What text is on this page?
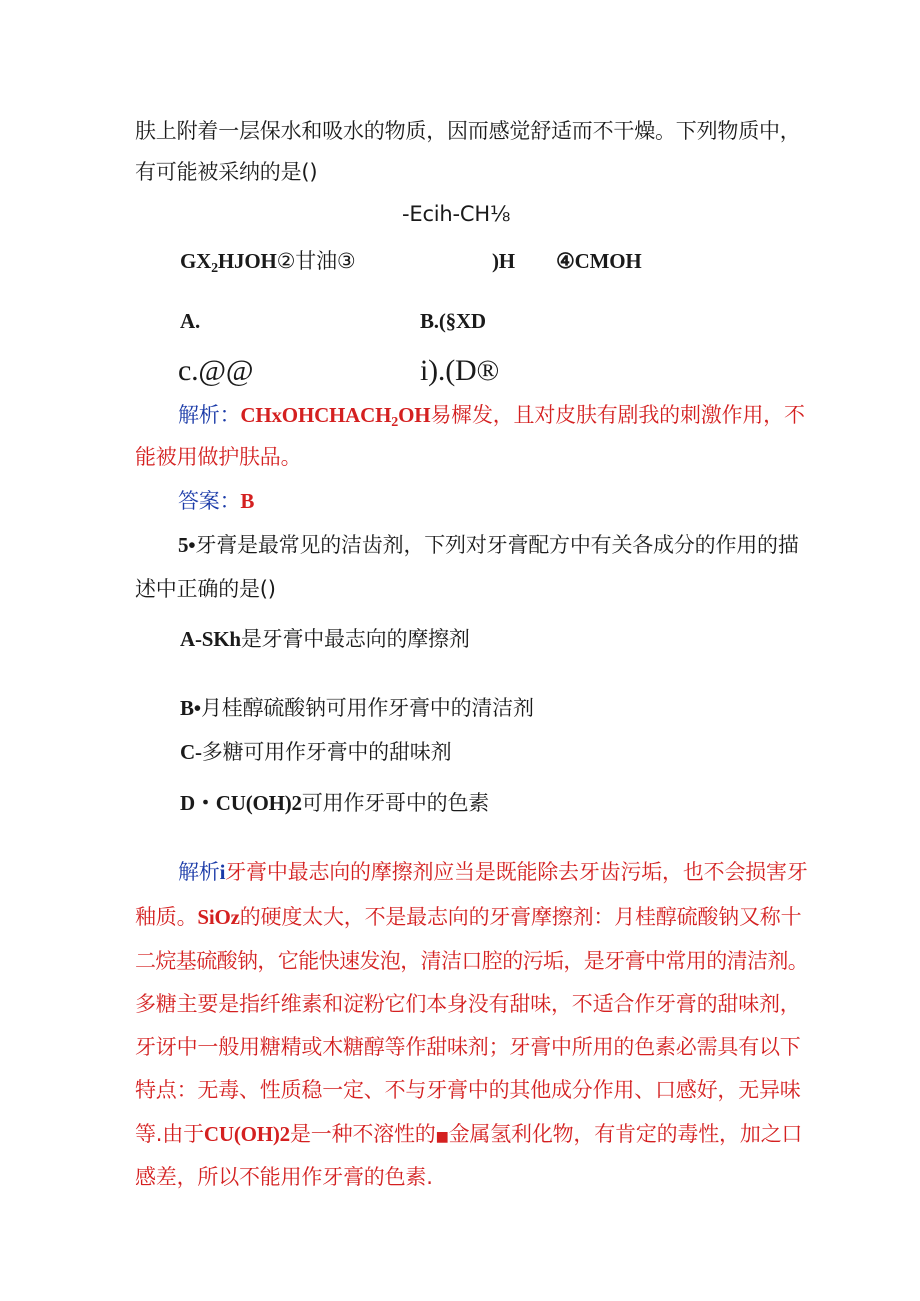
肤上附着一层保水和吸水的物质，因而感觉舒适而不干燥。下列物质中，
有可能被采纳的是()
-Ecih-CH⅛
$GX_2HJOH②$甘油③	)H ④CMOH
A.	B.(§XD
c.@@	i).(D®
解析：CHxOHCHACH$_2$OH易樨发，且对皮肤有剧我的刺激作用，不
能被用做护肤品。
答案：B
5•牙膏是最常见的洁齿剂，下列对牙膏配方中有关各成分的作用的描
述中正确的是()
A-SKh是牙膏中最志向的摩擦剂
B•月桂醇硫酸钠可用作牙膏中的清洁剂
C-多糖可用作牙膏中的甜味剂
D・CU(OH)2可用作牙哥中的色素
解析i牙膏中最志向的摩擦剂应当是既能除去牙齿污垢，也不会损害牙
釉质。SiOz的硬度太大，不是最志向的牙膏摩擦剂：月桂醇硫酸钠又称十
二烷基硫酸钠，它能快速发泡，清洁口腔的污垢，是牙膏中常用的清洁剂。
多糖主要是指纤维素和淀粉它们本身没有甜味，不适合作牙膏的甜味剂，
牙讶中一般用糖精或木糖醇等作甜味剂；牙膏中所用的色素必需具有以下
特点：无毒、性质稳一定、不与牙膏中的其他成分作用、口感好，无异味
等.由于CU(OH)2是一种不溶性的■金属氢利化物，有肯定的毒性，加之口
感差，所以不能用作牙膏的色素.
